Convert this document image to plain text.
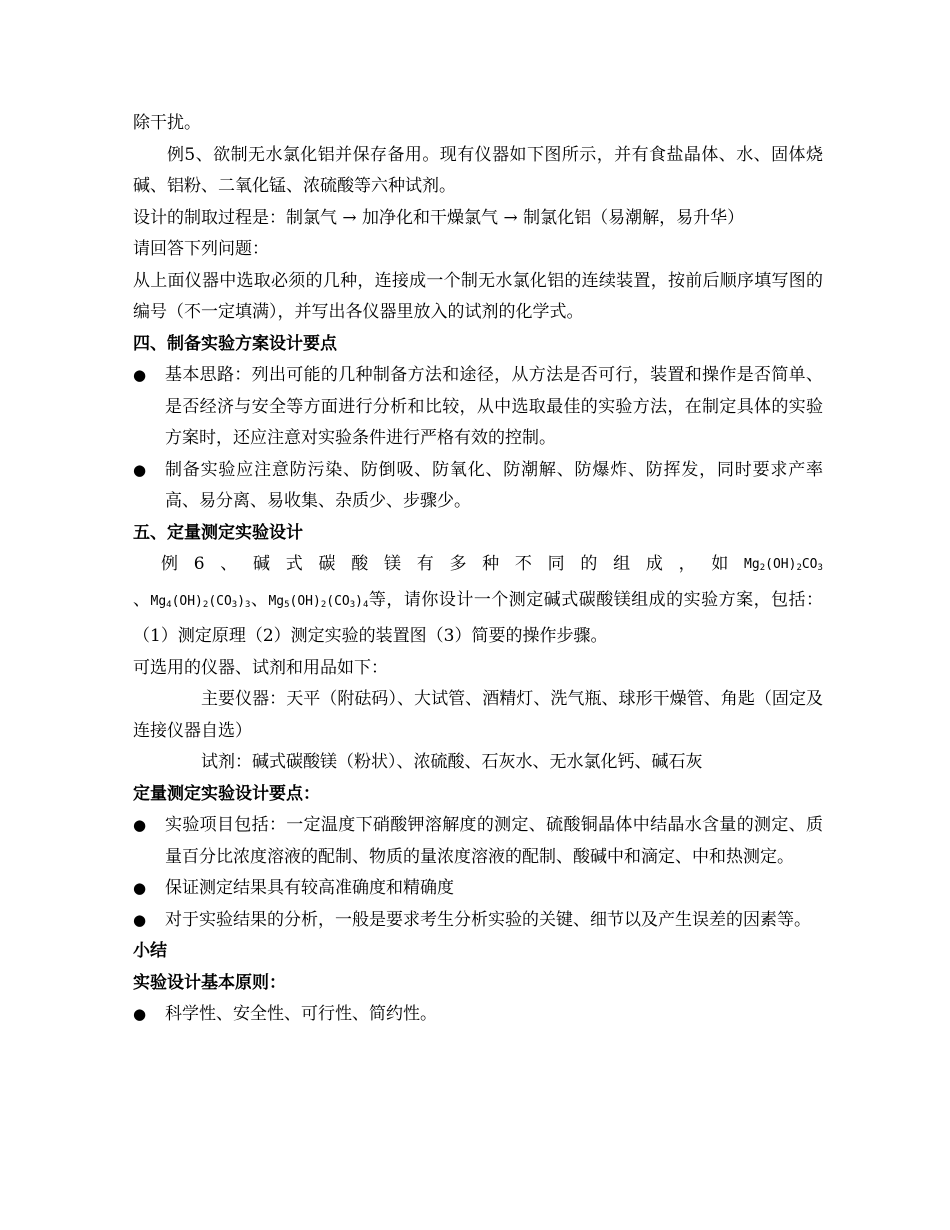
除干扰。

例5、欲制无水氯化铝并保存备用。现有仪器如下图所示，并有食盐晶体、水、固体烧碱、铝粉、二氧化锰、浓硫酸等六种试剂。

设计的制取过程是：制氯气 → 加净化和干燥氯气 → 制氯化铝（易潮解，易升华）

请回答下列问题：

从上面仪器中选取必须的几种，连接成一个制无水氯化铝的连续装置，按前后顺序填写图的编号（不一定填满），并写出各仪器里放入的试剂的化学式。

四、制备实验方案设计要点

●	基本思路：列出可能的几种制备方法和途径，从方法是否可行，装置和操作是否简单、是否经济与安全等方面进行分析和比较，从中选取最佳的实验方法，在制定具体的实验方案时，还应注意对实验条件进行严格有效的控制。
●	制备实验应注意防污染、防倒吸、防氧化、防潮解、防爆炸、防挥发，同时要求产率高、易分离、易收集、杂质少、步骤少。

五、定量测定实验设计

例 6 、 碱 式 碳 酸 镁 有 多 种 不 同 的 组 成 ， 如 $Mg_2(OH)_2CO_3$

、$Mg_4(OH)_2(CO_3)_3$、$Mg_5(OH)_2(CO_3)_4$等，请你设计一个测定碱式碳酸镁组成的实验方案，包括：（1）测定原理（2）测定实验的装置图（3）简要的操作步骤。

可选用的仪器、试剂和用品如下：

主要仪器：天平（附砝码）、大试管、酒精灯、洗气瓶、球形干燥管、角匙（固定及连接仪器自选）

试剂：碱式碳酸镁（粉状）、浓硫酸、石灰水、无水氯化钙、碱石灰

定量测定实验设计要点：

●	实验项目包括：一定温度下硝酸钾溶解度的测定、硫酸铜晶体中结晶水含量的测定、质量百分比浓度溶液的配制、物质的量浓度溶液的配制、酸碱中和滴定、中和热测定。
●	保证测定结果具有较高准确度和精确度
●	对于实验结果的分析，一般是要求考生分析实验的关键、细节以及产生误差的因素等。

小结

实验设计基本原则：

●	科学性、安全性、可行性、简约性。
